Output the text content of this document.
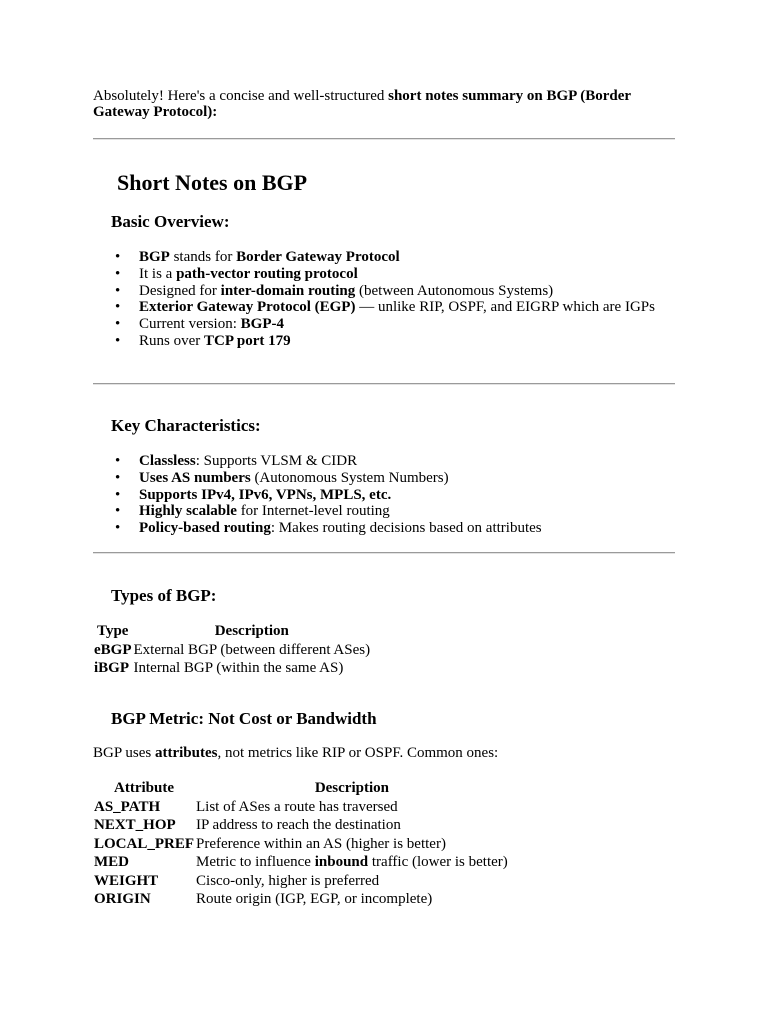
Absolutely! Here's a concise and well-structured short notes summary on BGP (Border Gateway Protocol):
Short Notes on BGP
Basic Overview:
• BGP stands for Border Gateway Protocol
• It is a path-vector routing protocol
• Designed for inter-domain routing (between Autonomous Systems)
• Exterior Gateway Protocol (EGP) — unlike RIP, OSPF, and EIGRP which are IGPs
• Current version: BGP-4
• Runs over TCP port 179
Key Characteristics:
• Classless: Supports VLSM & CIDR
• Uses AS numbers (Autonomous System Numbers)
• Supports IPv4, IPv6, VPNs, MPLS, etc.
• Highly scalable for Internet-level routing
• Policy-based routing: Makes routing decisions based on attributes
Types of BGP:
Type	Description
eBGP	External BGP (between different ASes)
iBGP	Internal BGP (within the same AS)
BGP Metric: Not Cost or Bandwidth
BGP uses attributes, not metrics like RIP or OSPF. Common ones:
Attribute	Description
AS_PATH	List of ASes a route has traversed
NEXT_HOP	IP address to reach the destination
LOCAL_PREF	Preference within an AS (higher is better)
MED	Metric to influence inbound traffic (lower is better)
WEIGHT	Cisco-only, higher is preferred
ORIGIN	Route origin (IGP, EGP, or incomplete)
